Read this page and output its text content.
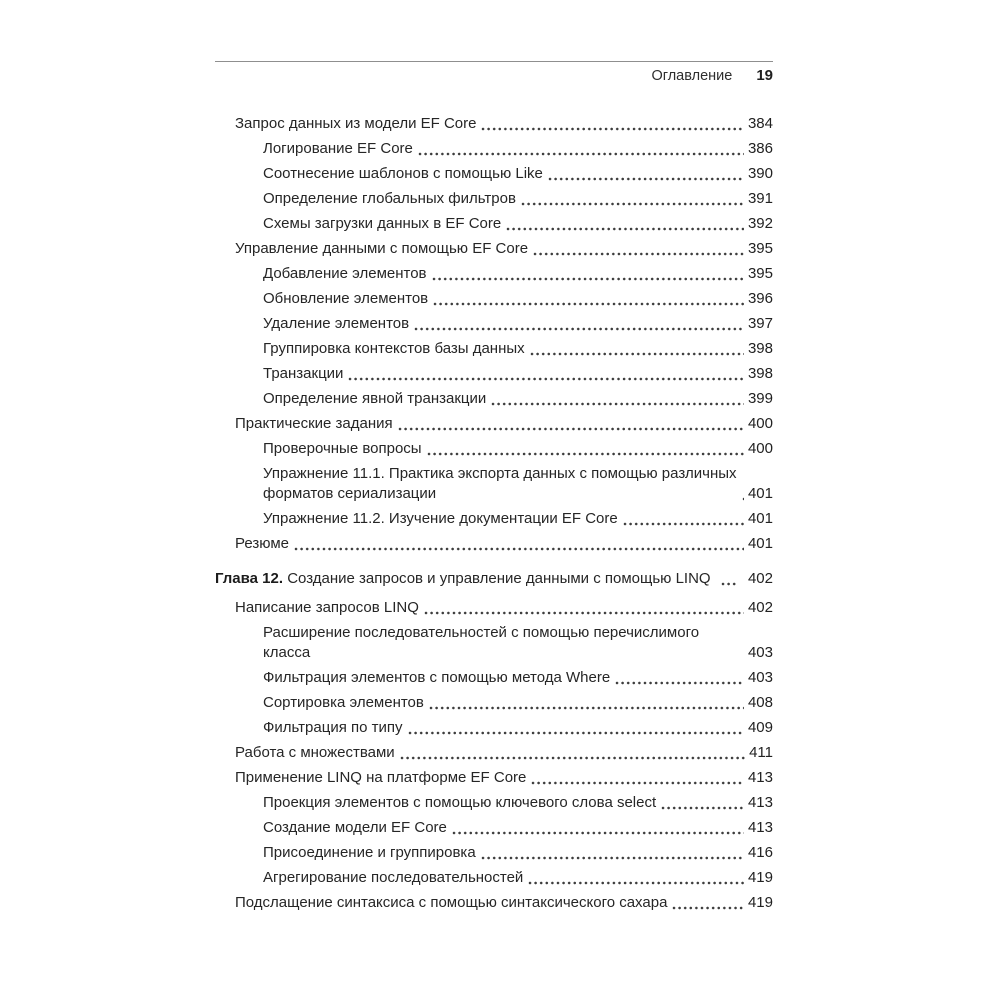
Оглавление 19
Запрос данных из модели EF Core	384
Логирование EF Core	386
Соотнесение шаблонов с помощью Like	390
Определение глобальных фильтров	391
Схемы загрузки данных в EF Core	392
Управление данными с помощью EF Core	395
Добавление элементов	395
Обновление элементов	396
Удаление элементов	397
Группировка контекстов базы данных	398
Транзакции	398
Определение явной транзакции	399
Практические задания	400
Проверочные вопросы	400
Упражнение 11.1. Практика экспорта данных с помощью различных
форматов сериализации	401
Упражнение 11.2. Изучение документации EF Core	401
Резюме	401
Глава 12. Создание запросов и управление данными с помощью LINQ 402
Написание запросов LINQ	402
Расширение последовательностей с помощью перечислимого класса	403
Фильтрация элементов с помощью метода Where	403
Сортировка элементов	408
Фильтрация по типу	409
Работа с множествами	411
Применение LINQ на платформе EF Core	413
Проекция элементов с помощью ключевого слова select	413
Создание модели EF Core	413
Присоединение и группировка	416
Агрегирование последовательностей	419
Подслащение синтаксиса с помощью синтаксического сахара	419
